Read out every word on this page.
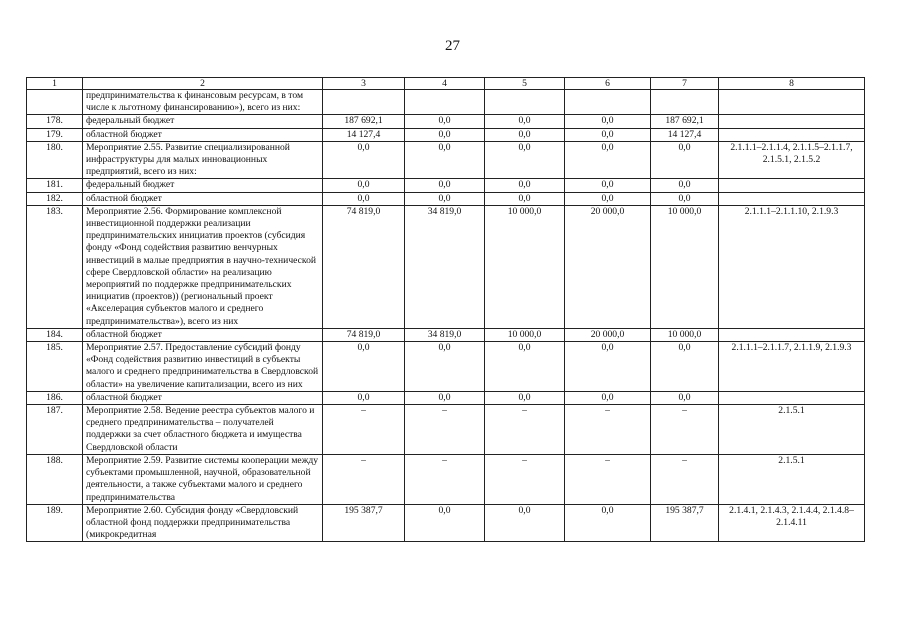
27
1	2	3	4	5	6	7	8
	предпринимательства к финансовым ресурсам, в том числе к льготному финансированию»), всего из них:						
178.	федеральный бюджет	187 692,1	0,0	0,0	0,0	187 692,1	
179.	областной бюджет	14 127,4	0,0	0,0	0,0	14 127,4	
180.	Мероприятие 2.55. Развитие специализированной инфраструктуры для малых инновационных предприятий, всего из них:	0,0	0,0	0,0	0,0	0,0	2.1.1.1–2.1.1.4, 2.1.1.5–2.1.1.7, 2.1.5.1, 2.1.5.2
181.	федеральный бюджет	0,0	0,0	0,0	0,0	0,0	
182.	областной бюджет	0,0	0,0	0,0	0,0	0,0	
183.	Мероприятие 2.56. Формирование комплексной инвестиционной поддержки реализации предпринимательских инициатив проектов (субсидия фонду «Фонд содействия развитию венчурных инвестиций в малые предприятия в научно-технической сфере Свердловской области» на реализацию мероприятий по поддержке предпринимательских инициатив (проектов)) (региональный проект «Акселерация субъектов малого и среднего предпринимательства»), всего из них	74 819,0	34 819,0	10 000,0	20 000,0	10 000,0	2.1.1.1–2.1.1.10, 2.1.9.3
184.	областной бюджет	74 819,0	34 819,0	10 000,0	20 000,0	10 000,0	
185.	Мероприятие 2.57. Предоставление субсидий фонду «Фонд содействия развитию инвестиций в субъекты малого и среднего предпринимательства в Свердловской области» на увеличение капитализации, всего из них	0,0	0,0	0,0	0,0	0,0	2.1.1.1–2.1.1.7, 2.1.1.9, 2.1.9.3
186.	областной бюджет	0,0	0,0	0,0	0,0	0,0	
187.	Мероприятие 2.58. Ведение реестра субъектов малого и среднего предпринимательства – получателей поддержки за счет областного бюджета и имущества Свердловской области	–	–	–	–	–	2.1.5.1
188.	Мероприятие 2.59. Развитие системы кооперации между субъектами промышленной, научной, образовательной деятельности, а также субъектами малого и среднего предпринимательства	–	–	–	–	–	2.1.5.1
189.	Мероприятие 2.60. Субсидия фонду «Свердловский областной фонд поддержки предпринимательства (микрокредитная	195 387,7	0,0	0,0	0,0	195 387,7	2.1.4.1, 2.1.4.3, 2.1.4.4, 2.1.4.8–2.1.4.11
